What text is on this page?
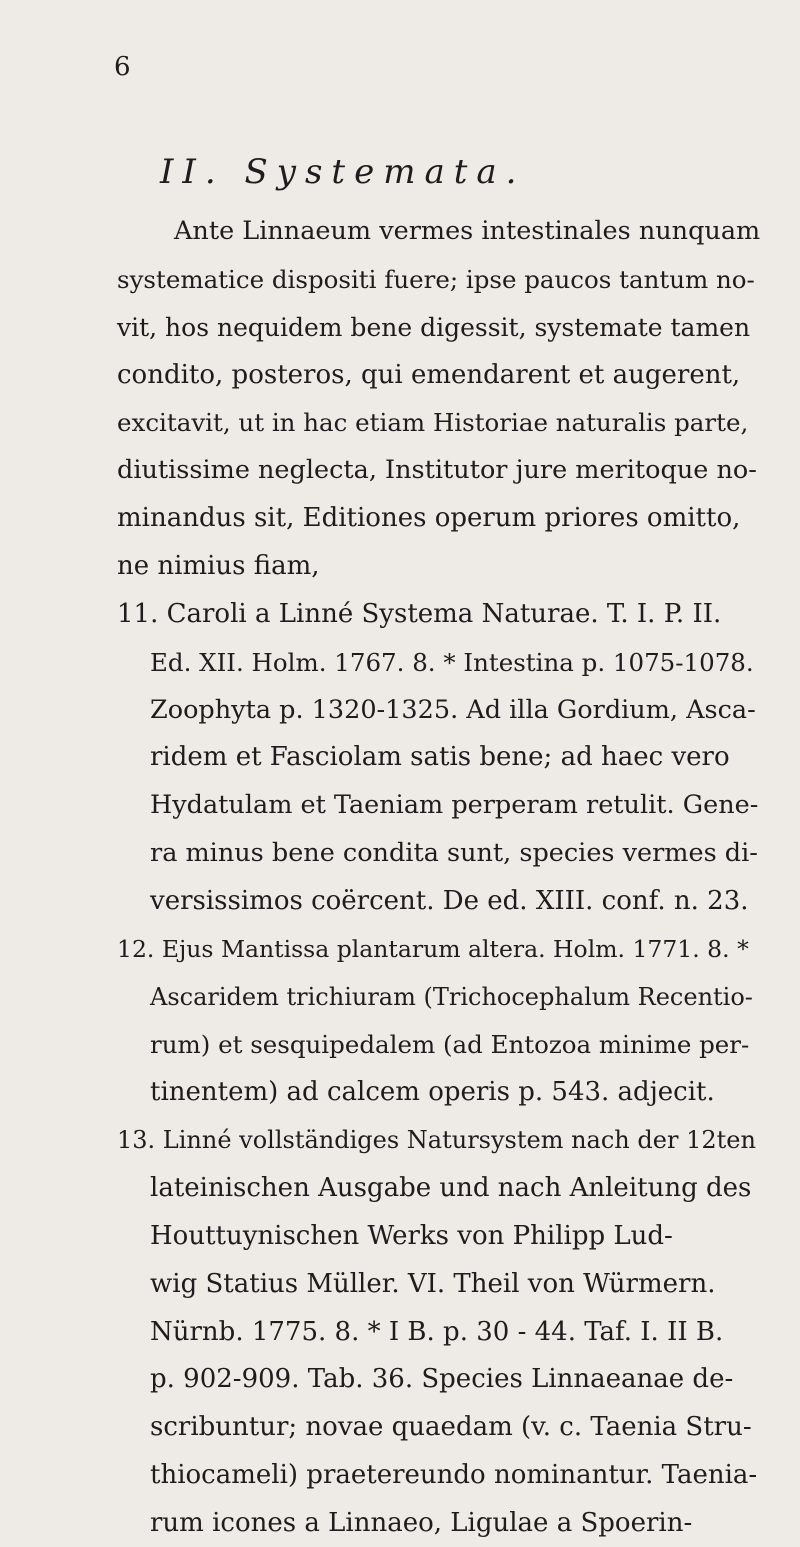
6
II. Systemata.
Ante Linnaeum vermes intestinales nunquam
systematice dispositi fuere; ipse paucos tantum no-
vit, hos nequidem bene digessit, systemate tamen
condito, posteros, qui emendarent et augerent,
excitavit, ut in hac etiam Historiae naturalis parte,
diutissime neglecta, Institutor jure meritoque no-
minandus sit, Editiones operum priores omitto,
ne nimius fiam,
11. Caroli a Linné Systema Naturae. T. I. P. II.
Ed. XII. Holm. 1767. 8. * Intestina p. 1075-1078.
Zoophyta p. 1320-1325. Ad illa Gordium, Asca-
ridem et Fasciolam satis bene; ad haec vero
Hydatulam et Taeniam perperam retulit. Gene-
ra minus bene condita sunt, species vermes di-
versissimos coërcent. De ed. XIII. conf. n. 23.
12. Ejus Mantissa plantarum altera. Holm. 1771. 8. *
Ascaridem trichiuram (Trichocephalum Recentio-
rum) et sesquipedalem (ad Entozoa minime per-
tinentem) ad calcem operis p. 543. adjecit.
13. Linné vollständiges Natursystem nach der 12ten
lateinischen Ausgabe und nach Anleitung des
Houttuynischen Werks von Philipp Lud-
wig Statius Müller. VI. Theil von Würmern.
Nürnb. 1775. 8. * I B. p. 30 - 44. Taf. I. II B.
p. 902-909. Tab. 36. Species Linnaeanae de-
scribuntur; novae quaedam (v. c. Taenia Stru-
thiocameli) praetereundo nominantur. Taenia-
rum icones a Linnaeo, Ligulae a Spoerin-
